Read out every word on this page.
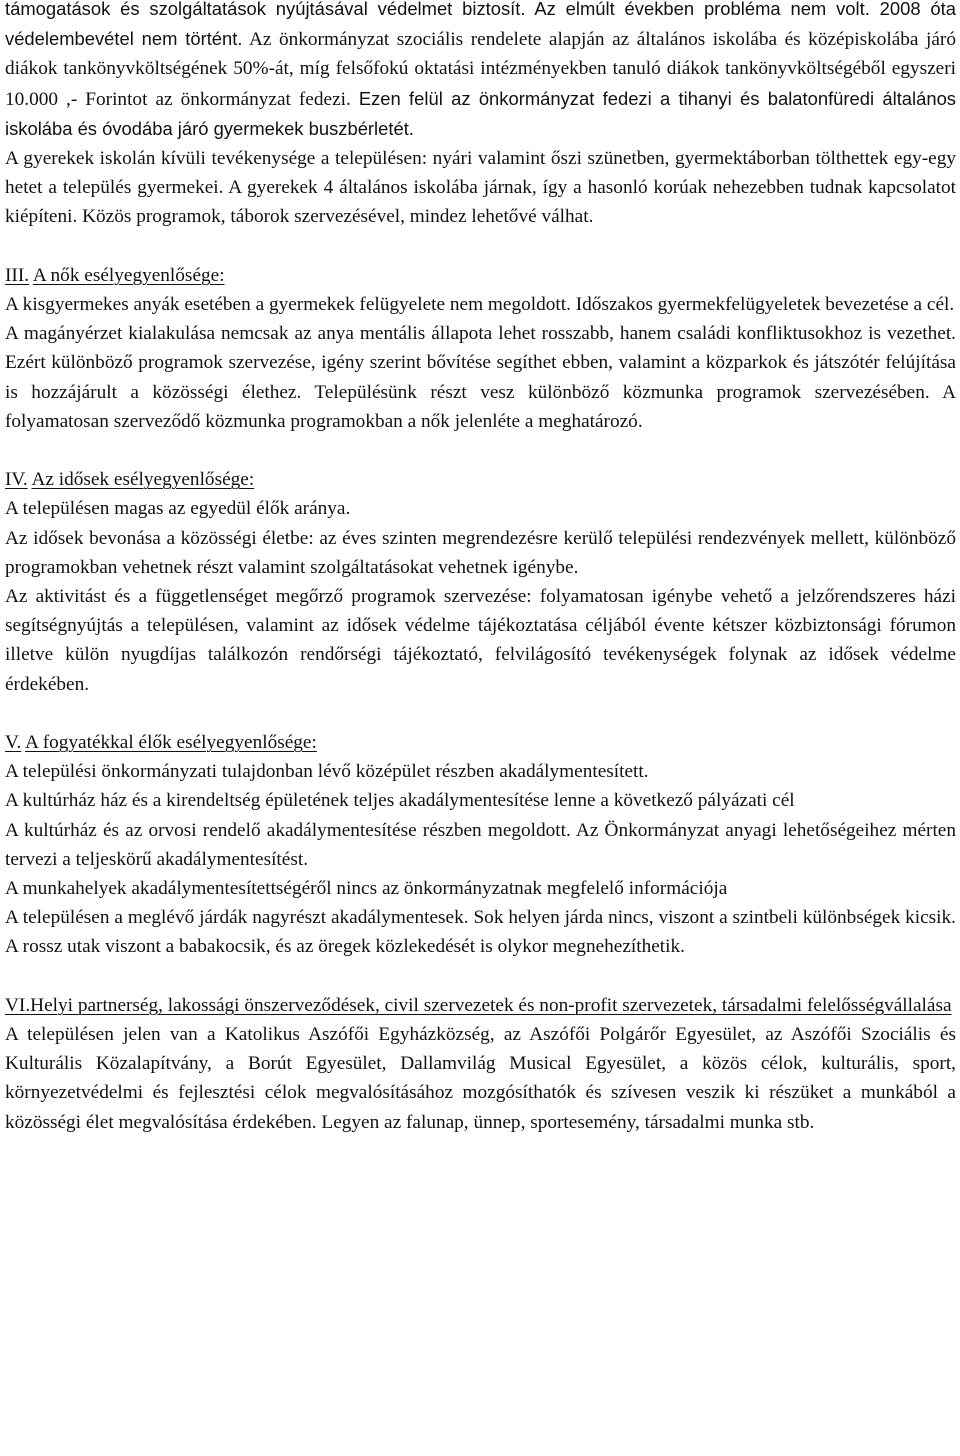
támogatások és szolgáltatások nyújtásával védelmet biztosít. Az elmúlt években probléma nem volt. 2008 óta védelembevétel nem történt. Az önkormányzat szociális rendelete alapján az általános iskolába és középiskolába járó diákok tankönyvköltségének 50%-át, míg felsőfokú oktatási intézményekben tanuló diákok tankönyvköltségéből egyszeri 10.000 ,- Forintot az önkormányzat fedezi. Ezen felül az önkormányzat fedezi a tihanyi és balatonfüredi általános iskolába és óvodába járó gyermekek buszbérletét.

A gyerekek iskolán kívüli tevékenysége a településen: nyári valamint őszi szünetben, gyermektáborban tölthettek egy-egy hetet a település gyermekei. A gyerekek 4 általános iskolába járnak, így a hasonló korúak nehezebben tudnak kapcsolatot kiépíteni. Közös programok, táborok szervezésével, mindez lehetővé válhat.

III. A nők esélyegyenlősége:

A kisgyermekes anyák esetében a gyermekek felügyelete nem megoldott. Időszakos gyermekfelügyeletek bevezetése a cél.

A magányérzet kialakulása nemcsak az anya mentális állapota lehet rosszabb, hanem családi konfliktusokhoz is vezethet. Ezért különböző programok szervezése, igény szerint bővítése segíthet ebben, valamint a közparkok és játszótér felújítása is hozzájárult a közösségi élethez. Településünk részt vesz különböző közmunka programok szervezésében. A folyamatosan szerveződő közmunka programokban a nők jelenléte a meghatározó.

IV. Az idősek esélyegyenlősége:

A településen magas az egyedül élők aránya.

Az idősek bevonása a közösségi életbe: az éves szinten megrendezésre kerülő települési rendezvények mellett, különböző programokban vehetnek részt valamint szolgáltatásokat vehetnek igénybe.

Az aktivitást és a függetlenséget megőrző programok szervezése: folyamatosan igénybe vehető a jelzőrendszeres házi segítségnyújtás a településen, valamint az idősek védelme tájékoztatása céljából évente kétszer közbiztonsági fórumon illetve külön nyugdíjas találkozón rendőrségi tájékoztató, felvilágosító tevékenységek folynak az idősek védelme érdekében.

V. A fogyatékkal élők esélyegyenlősége:

A települési önkormányzati tulajdonban lévő középület részben akadálymentesített.

A kultúrház ház és a kirendeltség épületének teljes akadálymentesítése lenne a következő pályázati cél

A kultúrház és az orvosi rendelő akadálymentesítése részben megoldott. Az Önkormányzat anyagi lehetőségeihez mérten tervezi a teljeskörű akadálymentesítést.

A munkahelyek akadálymentesítettségéről nincs az önkormányzatnak megfelelő információja

A településen a meglévő járdák nagyrészt akadálymentesek. Sok helyen járda nincs, viszont a szintbeli különbségek kicsik. A rossz utak viszont a babakocsik, és az öregek közlekedését is olykor megnehezíthetik.

VI.Helyi partnerség, lakossági önszerveződések, civil szervezetek és non-profit szervezetek, társadalmi felelősségvállalása

A településen jelen van a Katolikus Aszófői Egyházközség, az Aszófői Polgárőr Egyesület, az Aszófői Szociális és Kulturális Közalapítvány, a Borút Egyesület, Dallamvilág Musical Egyesület, a közös célok, kulturális, sport, környezetvédelmi és fejlesztési célok megvalósításához mozgósíthatók és szívesen veszik ki részüket a munkából a közösségi élet megvalósítása érdekében. Legyen az falunap, ünnep, sportesemény, társadalmi munka stb.
